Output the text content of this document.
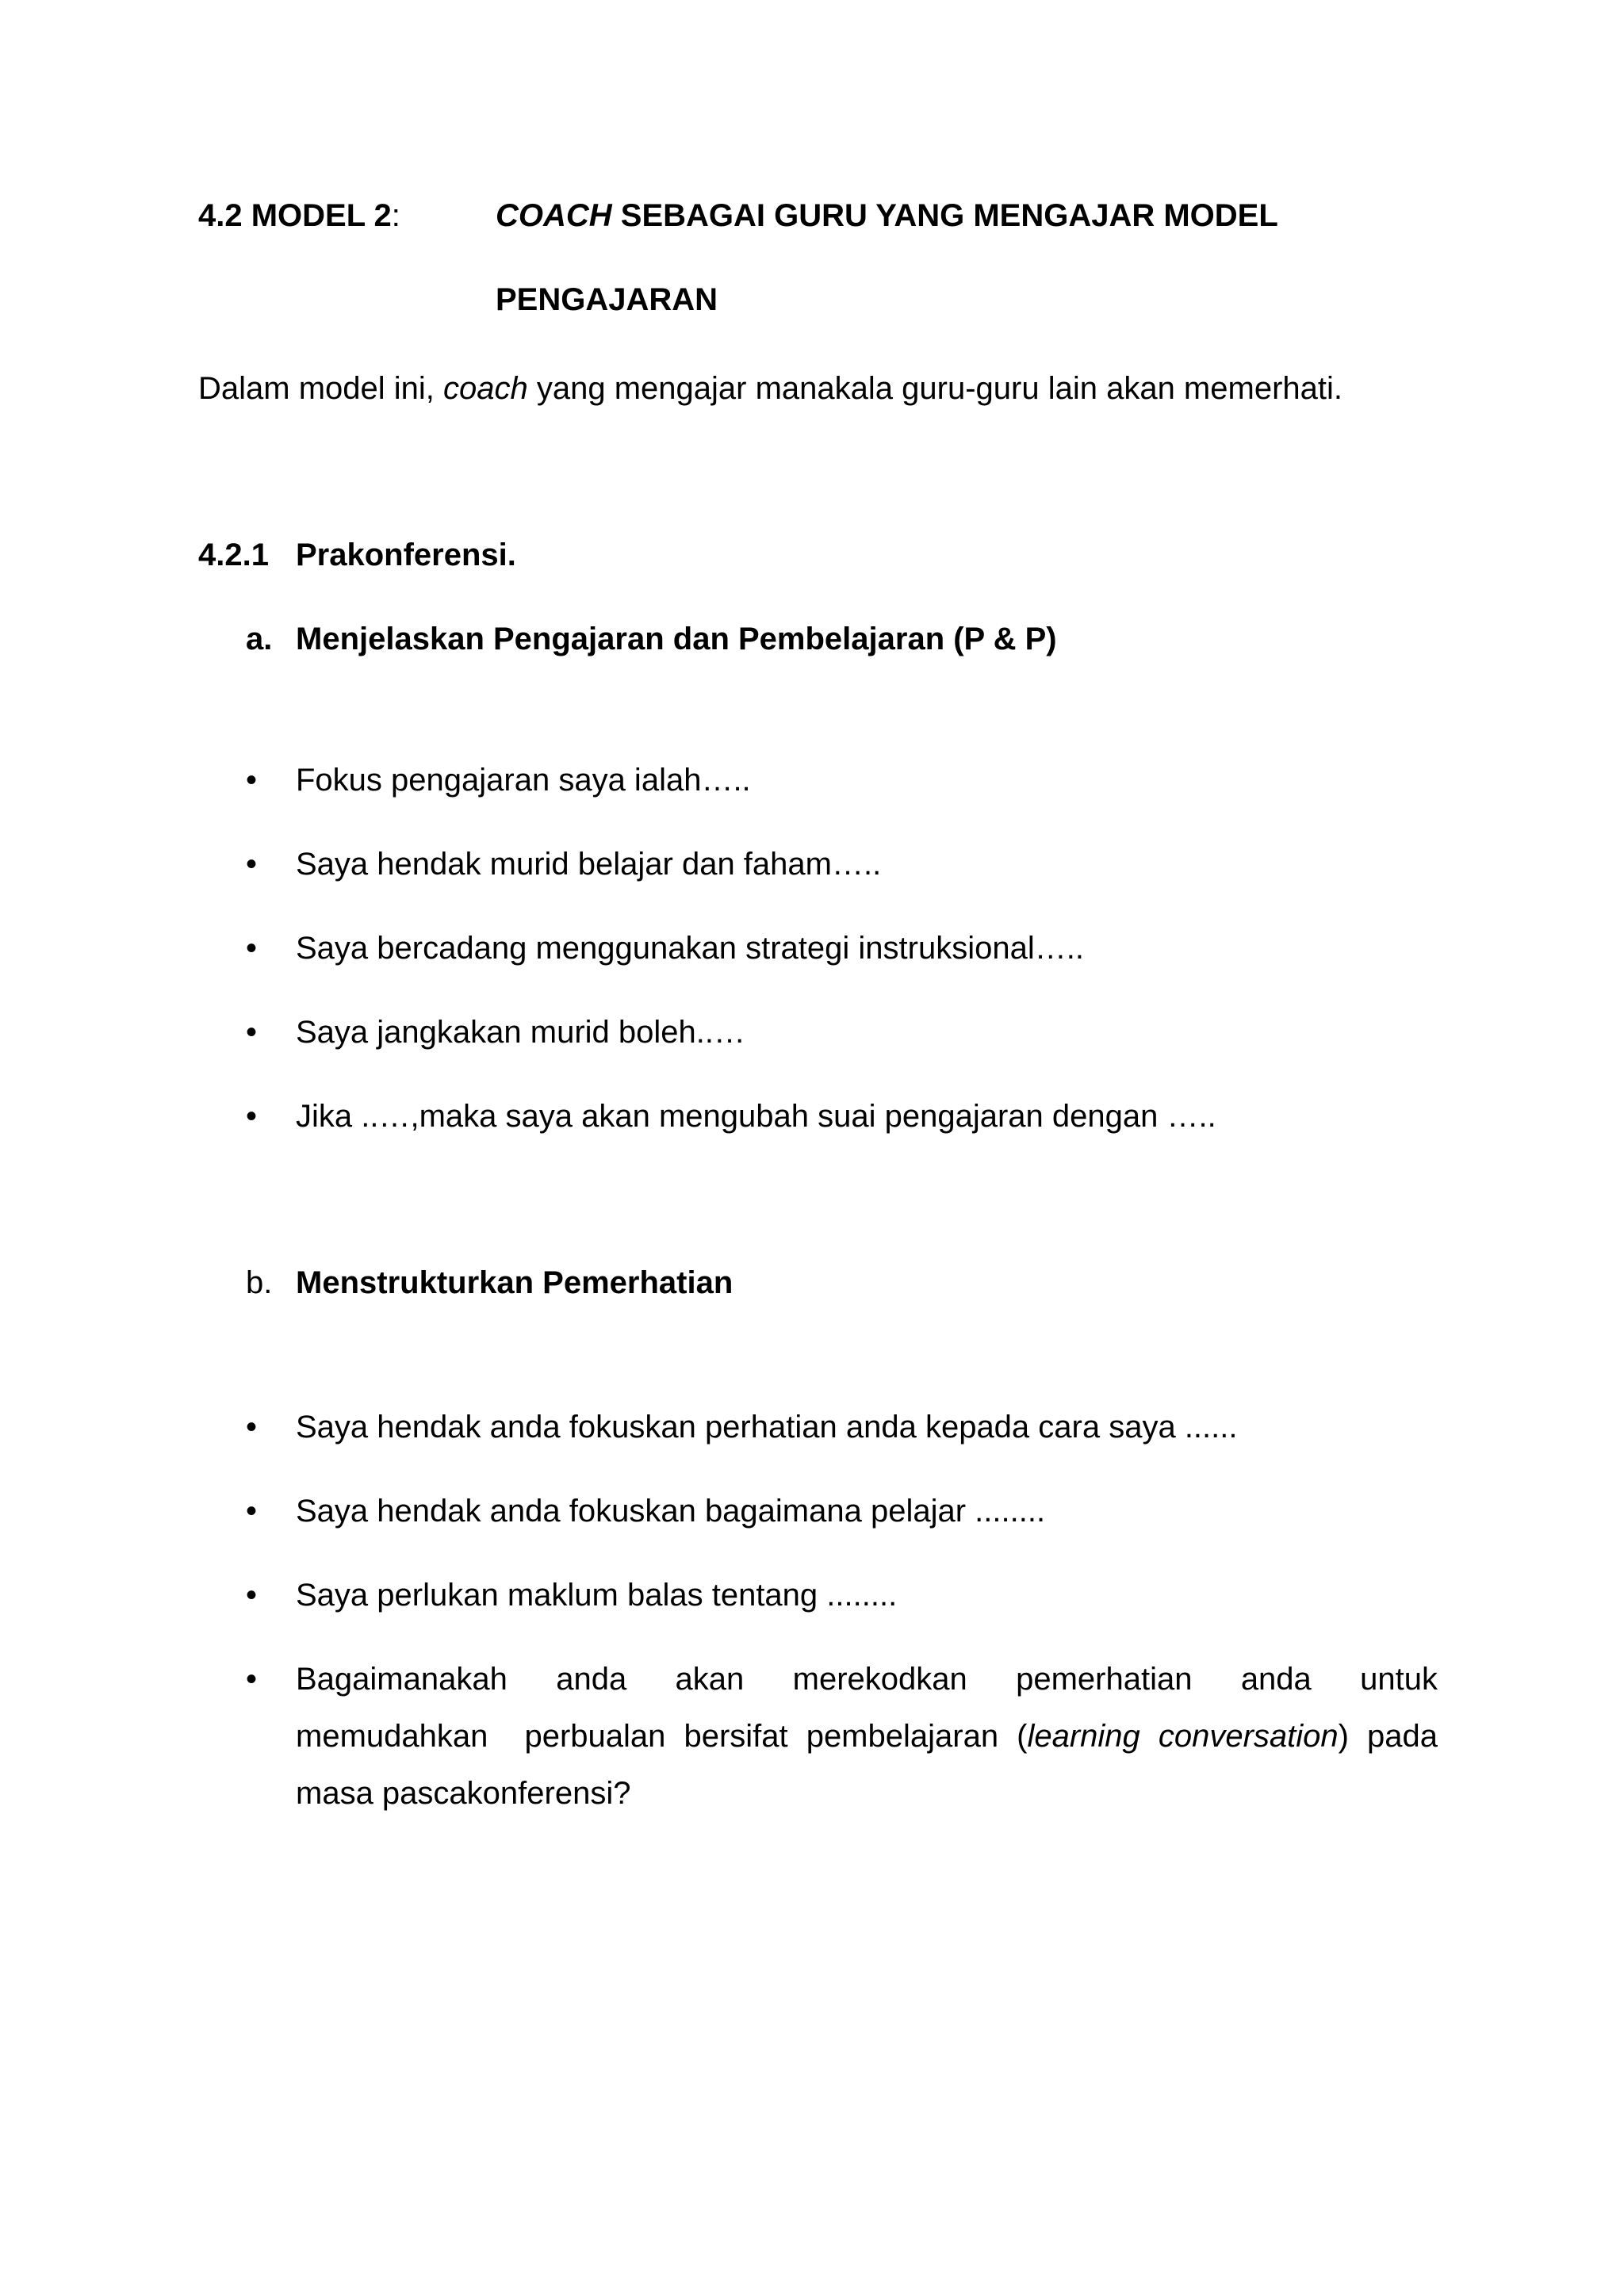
4.2 MODEL 2:	COACH SEBAGAI GURU YANG MENGAJAR MODEL
PENGAJARAN
Dalam model ini, coach yang mengajar manakala guru-guru lain akan memerhati.
4.2.1 Prakonferensi.
a. Menjelaskan Pengajaran dan Pembelajaran (P & P)
• Fokus pengajaran saya ialah…..
• Saya hendak murid belajar dan faham…..
• Saya bercadang menggunakan strategi instruksional…..
• Saya jangkakan murid boleh..…
• Jika ..…,maka saya akan mengubah suai pengajaran dengan …..
b. Menstrukturkan Pemerhatian
• Saya hendak anda fokuskan perhatian anda kepada cara saya ......
• Saya hendak anda fokuskan bagaimana pelajar ........
• Saya perlukan maklum balas tentang ........
• Bagaimanakah anda akan merekodkan pemerhatian anda untuk
memudahkan  perbualan bersifat pembelajaran (learning conversation) pada
masa pascakonferensi?
